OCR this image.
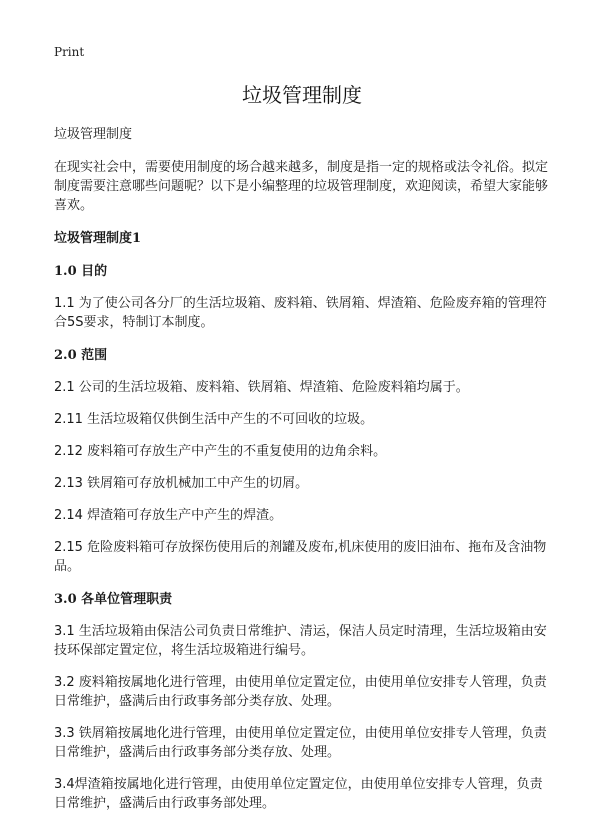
Print
垃圾管理制度

垃圾管理制度

在现实社会中，需要使用制度的场合越来越多，制度是指一定的规格或法令礼俗。拟定制度需要注意哪些问题呢？以下是小编整理的垃圾管理制度，欢迎阅读，希望大家能够喜欢。

垃圾管理制度1

1.0 目的

1.1 为了使公司各分厂的生活垃圾箱、废料箱、铁屑箱、焊渣箱、危险废弃箱的管理符合5S要求，特制订本制度。

2.0 范围

2.1 公司的生活垃圾箱、废料箱、铁屑箱、焊渣箱、危险废料箱均属于。

2.11 生活垃圾箱仅供倒生活中产生的不可回收的垃圾。

2.12 废料箱可存放生产中产生的不重复使用的边角余料。

2.13 铁屑箱可存放机械加工中产生的切屑。

2.14 焊渣箱可存放生产中产生的焊渣。

2.15 危险废料箱可存放探伤使用后的剂罐及废布,机床使用的废旧油布、拖布及含油物品。

3.0 各单位管理职责

3.1 生活垃圾箱由保洁公司负责日常维护、清运，保洁人员定时清理，生活垃圾箱由安技环保部定置定位，将生活垃圾箱进行编号。

3.2 废料箱按属地化进行管理，由使用单位定置定位，由使用单位安排专人管理，负责日常维护，盛满后由行政事务部分类存放、处理。

3.3 铁屑箱按属地化进行管理，由使用单位定置定位，由使用单位安排专人管理，负责日常维护，盛满后由行政事务部分类存放、处理。

3.4焊渣箱按属地化进行管理，由使用单位定置定位，由使用单位安排专人管理，负责日常维护，盛满后由行政事务部处理。
